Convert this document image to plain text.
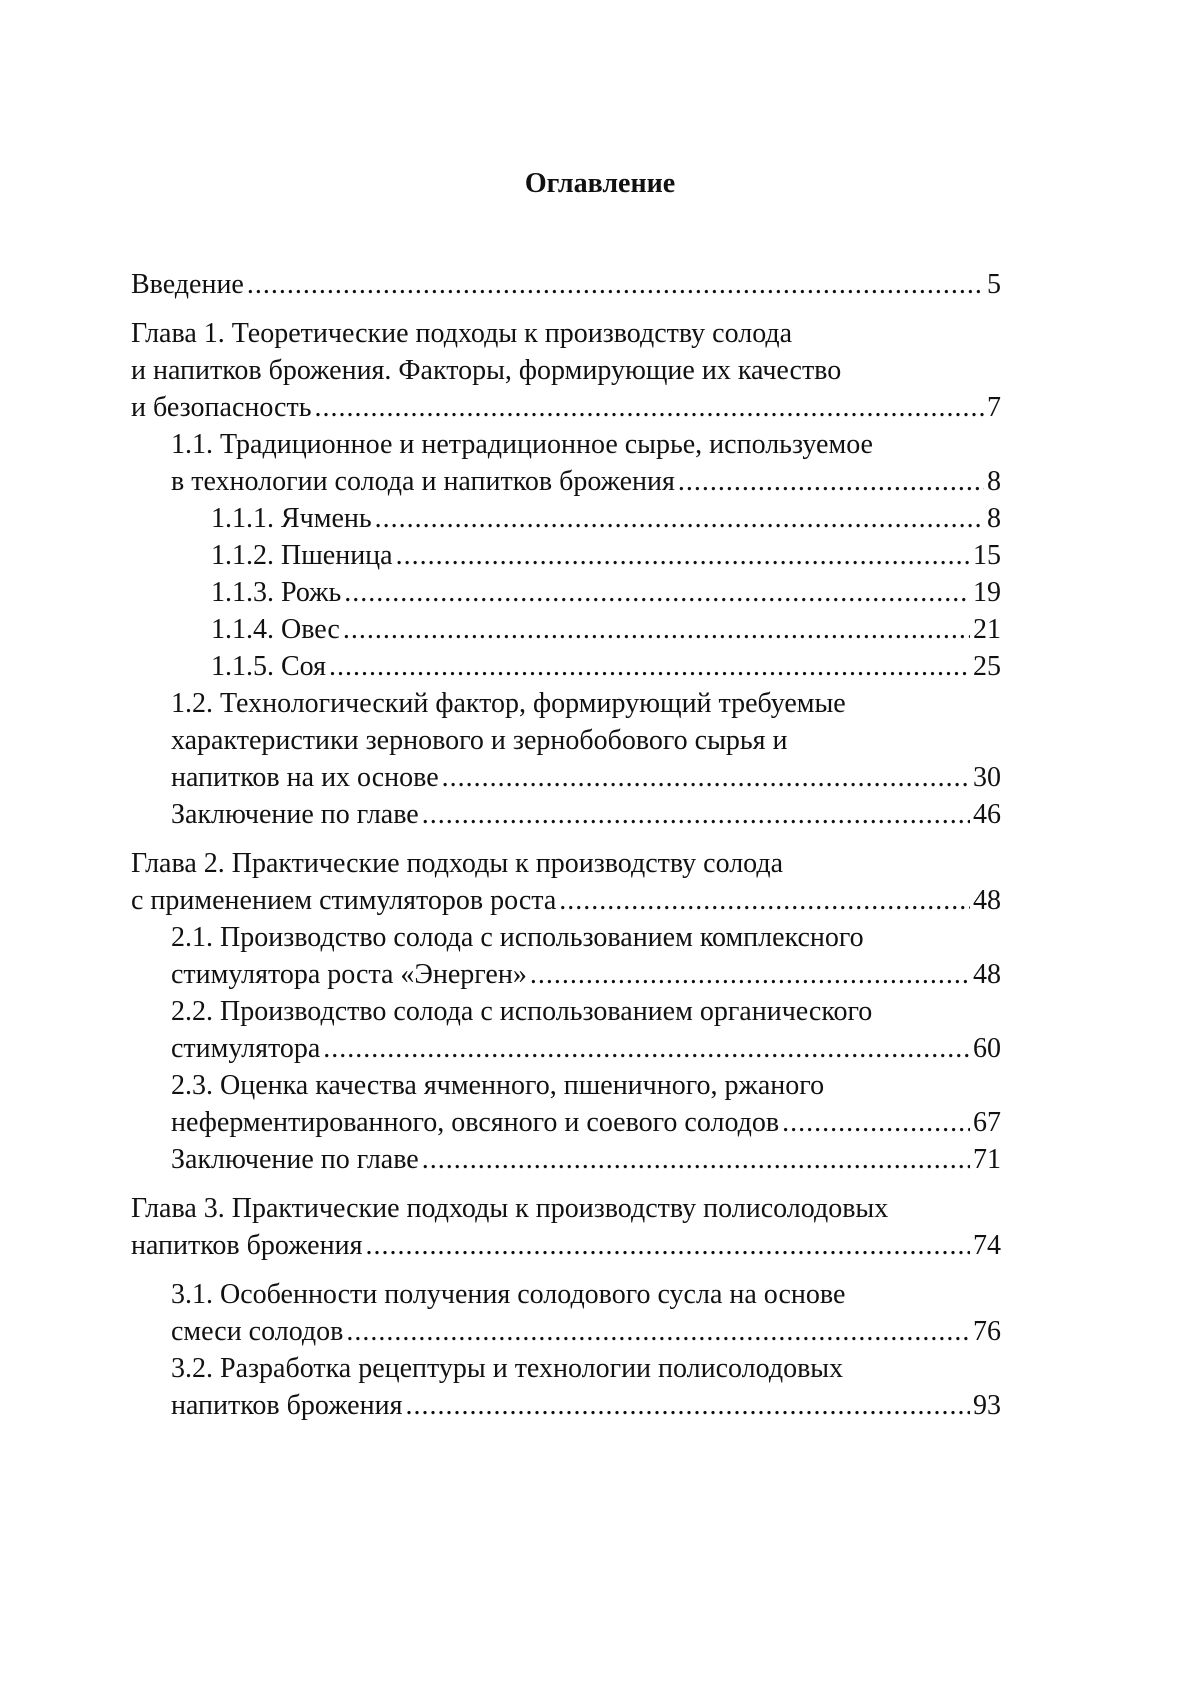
Оглавление
Введение .....	5
Глава 1. Теоретические подходы к производству солода
и напитков брожения. Факторы, формирующие их качество
и безопасность .....	7
1.1. Традиционное и нетрадиционное сырье, используемое
в технологии солода и напитков брожения .....	8
1.1.1. Ячмень .....	8
1.1.2. Пшеница .....	15
1.1.3. Рожь .....	19
1.1.4. Овес .....	21
1.1.5. Соя .....	25
1.2. Технологический фактор, формирующий требуемые
характеристики зернового и зернобобового сырья и
напитков на их основе .....	30
Заключение по главе .....	46
Глава 2. Практические подходы к производству солода
с применением стимуляторов роста .....	48
2.1. Производство солода с использованием комплексного
стимулятора роста «Энерген» .....	48
2.2. Производство солода с использованием органического
стимулятора .....	60
2.3. Оценка качества ячменного, пшеничного, ржаного
неферментированного, овсяного и соевого солодов .....	67
Заключение по главе .....	71
Глава 3. Практические подходы к производству полисолодовых
напитков брожения .....	74
3.1. Особенности получения солодового сусла на основе
смеси солодов .....	76
3.2. Разработка рецептуры и технологии полисолодовых
напитков брожения .....	93
